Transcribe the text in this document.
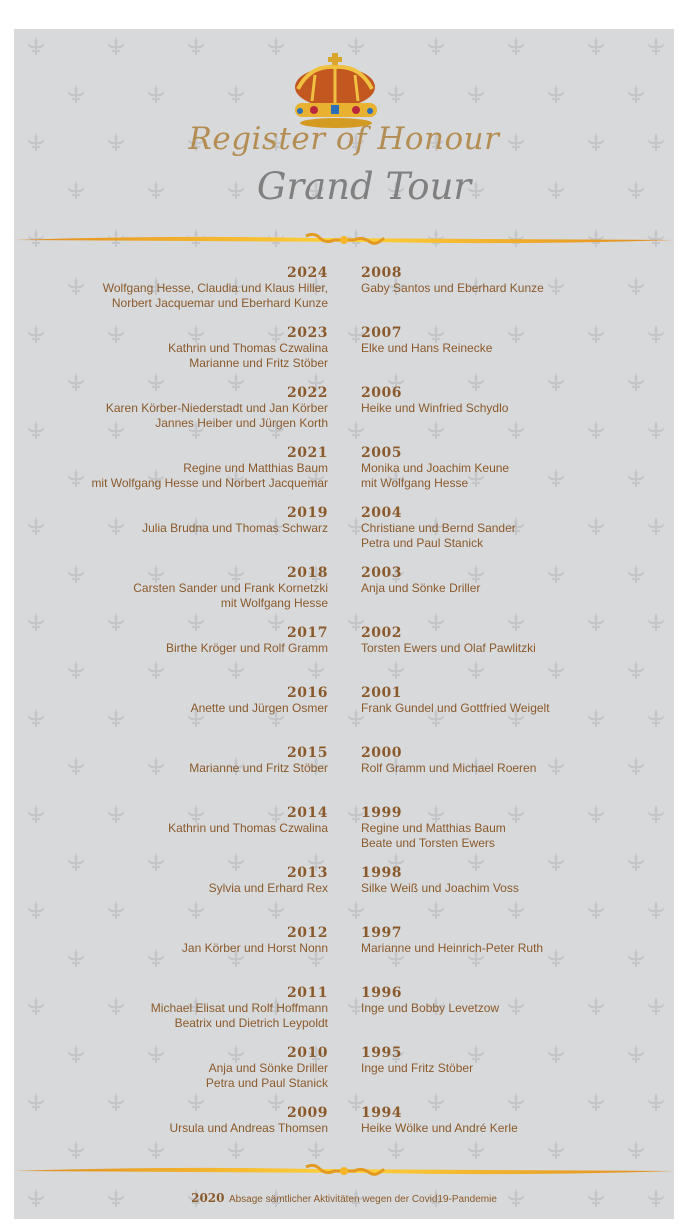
Register of Honour
Grand Tour
2024
Wolfgang Hesse, Claudia und Klaus Hiller,
Norbert Jacquemar und Eberhard Kunze
2023
Kathrin und Thomas Czwalina
Marianne und Fritz Stöber
2022
Karen Körber-Niederstadt und Jan Körber
Jannes Heiber und Jürgen Korth
2021
Regine und Matthias Baum
mit Wolfgang Hesse und Norbert Jacquemar
2019
Julia Brudna und Thomas Schwarz
2018
Carsten Sander und Frank Kornetzki
mit Wolfgang Hesse
2017
Birthe Kröger und Rolf Gramm
2016
Anette und Jürgen Osmer
2015
Marianne und Fritz Stöber
2014
Kathrin und Thomas Czwalina
2013
Sylvia und Erhard Rex
2012
Jan Körber und Horst Nonn
2011
Michael Elisat und Rolf Hoffmann
Beatrix und Dietrich Leypoldt
2010
Anja und Sönke Driller
Petra und Paul Stanick
2009
Ursula und Andreas Thomsen
2008
Gaby Santos und Eberhard Kunze
2007
Elke und Hans Reinecke
2006
Heike und Winfried Schydlo
2005
Monika und Joachim Keune
mit Wolfgang Hesse
2004
Christiane und Bernd Sander
Petra und Paul Stanick
2003
Anja und Sönke Driller
2002
Torsten Ewers und Olaf Pawlitzki
2001
Frank Gundel und Gottfried Weigelt
2000
Rolf Gramm und Michael Roeren
1999
Regine und Matthias Baum
Beate und Torsten Ewers
1998
Silke Weiß und Joachim Voss
1997
Marianne und Heinrich-Peter Ruth
1996
Inge und Bobby Levetzow
1995
Inge und Fritz Stöber
1994
Heike Wölke und André Kerle
2020 Absage sämtlicher Aktivitäten wegen der Covid19-Pandemie
